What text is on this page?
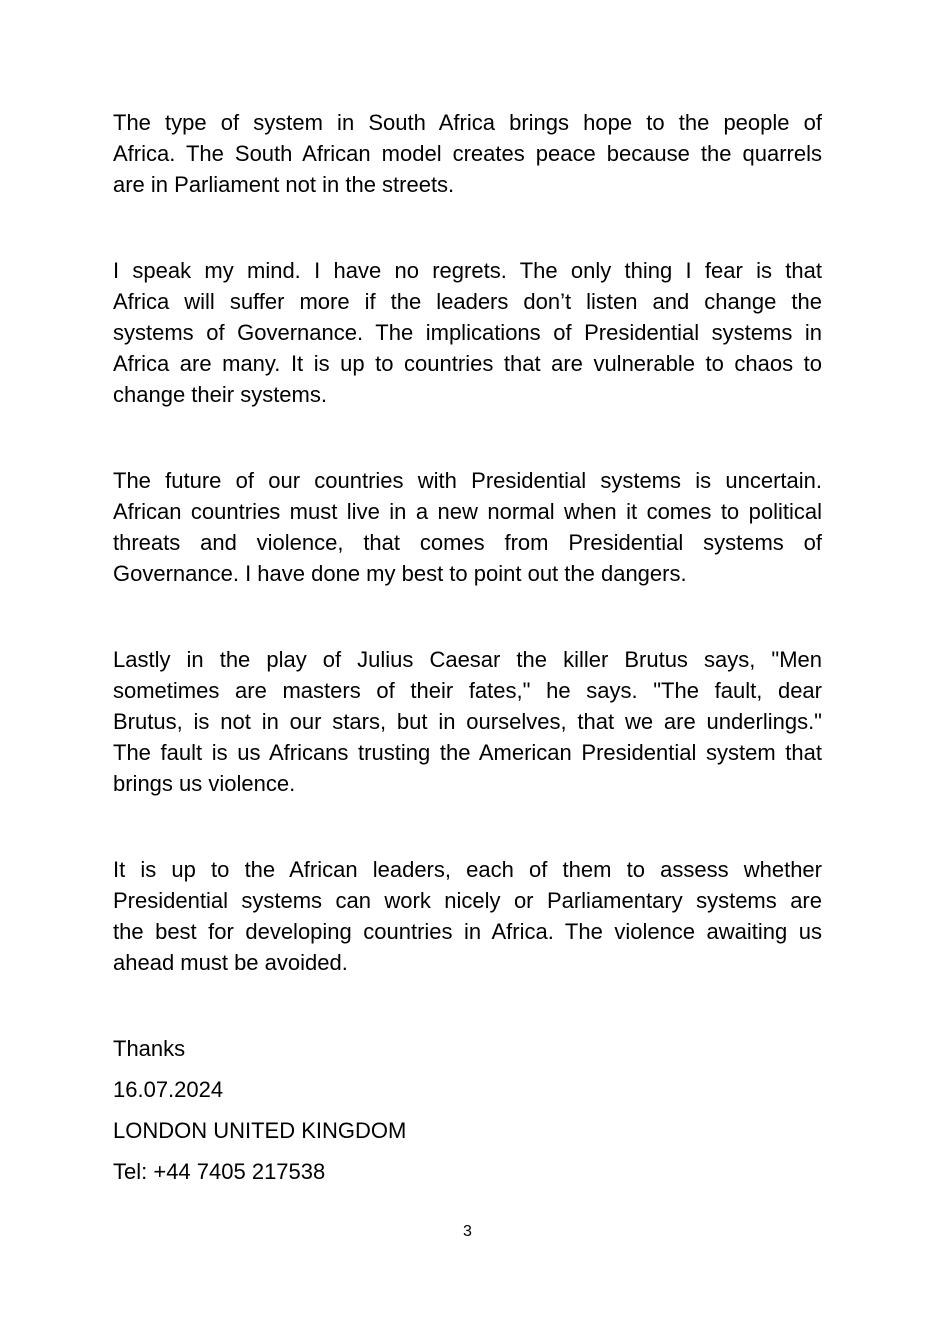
The type of system in South Africa brings hope to the people of
Africa. The South African model creates peace because the quarrels
are in Parliament not in the streets.
I speak my mind. I have no regrets. The only thing I fear is that
Africa will suffer more if the leaders don’t listen and change the
systems of Governance. The implications of Presidential systems in
Africa are many. It is up to countries that are vulnerable to chaos to
change their systems.
The future of our countries with Presidential systems is uncertain.
African countries must live in a new normal when it comes to political
threats and violence, that comes from Presidential systems of
Governance. I have done my best to point out the dangers.
Lastly in the play of Julius Caesar the killer Brutus says, "Men
sometimes are masters of their fates," he says. "The fault, dear
Brutus, is not in our stars, but in ourselves, that we are underlings."
The fault is us Africans trusting the American Presidential system that
brings us violence.
It is up to the African leaders, each of them to assess whether
Presidential systems can work nicely or Parliamentary systems are
the best for developing countries in Africa. The violence awaiting us
ahead must be avoided.
Thanks
16.07.2024
LONDON UNITED KINGDOM
Tel: +44 7405 217538
3
